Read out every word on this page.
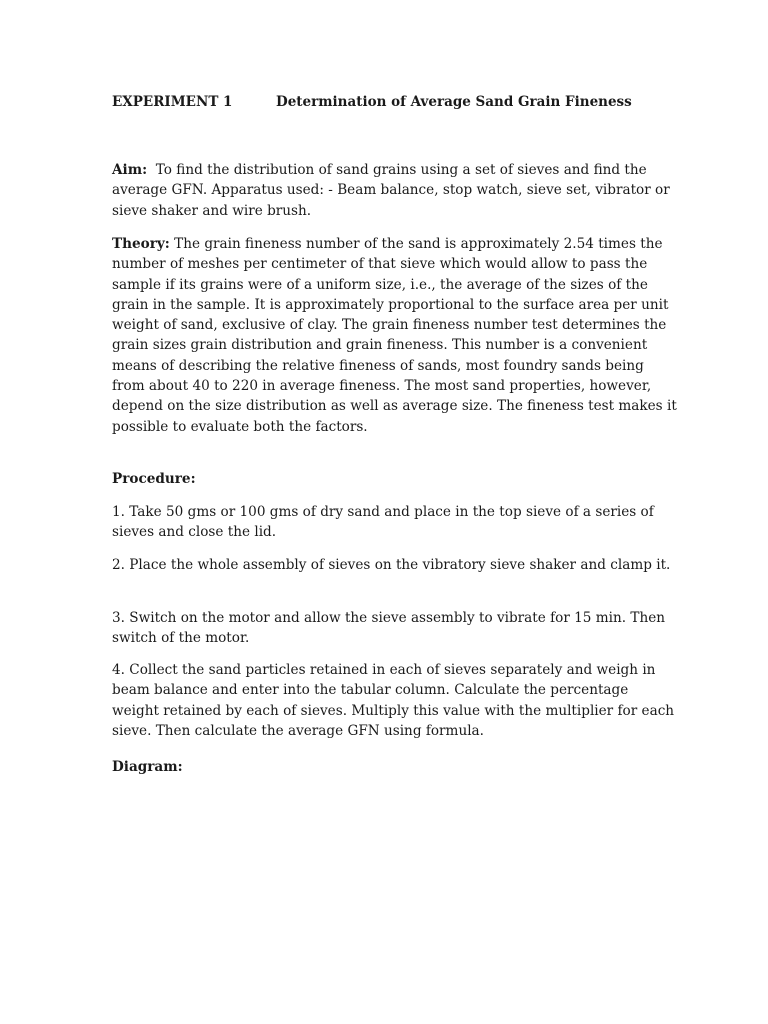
EXPERIMENT 1	Determination of Average Sand Grain Fineness
Aim: To find the distribution of sand grains using a set of sieves and find the average GFN. Apparatus used: - Beam balance, stop watch, sieve set, vibrator or sieve shaker and wire brush.
Theory: The grain fineness number of the sand is approximately 2.54 times the number of meshes per centimeter of that sieve which would allow to pass the sample if its grains were of a uniform size, i.e., the average of the sizes of the grain in the sample. It is approximately proportional to the surface area per unit weight of sand, exclusive of clay. The grain fineness number test determines the grain sizes grain distribution and grain fineness. This number is a convenient means of describing the relative fineness of sands, most foundry sands being from about 40 to 220 in average fineness. The most sand properties, however, depend on the size distribution as well as average size. The fineness test makes it possible to evaluate both the factors.
Procedure:
1. Take 50 gms or 100 gms of dry sand and place in the top sieve of a series of sieves and close the lid.
2. Place the whole assembly of sieves on the vibratory sieve shaker and clamp it.
3. Switch on the motor and allow the sieve assembly to vibrate for 15 min. Then switch of the motor.
4. Collect the sand particles retained in each of sieves separately and weigh in beam balance and enter into the tabular column. Calculate the percentage weight retained by each of sieves. Multiply this value with the multiplier for each sieve. Then calculate the average GFN using formula.
Diagram:
